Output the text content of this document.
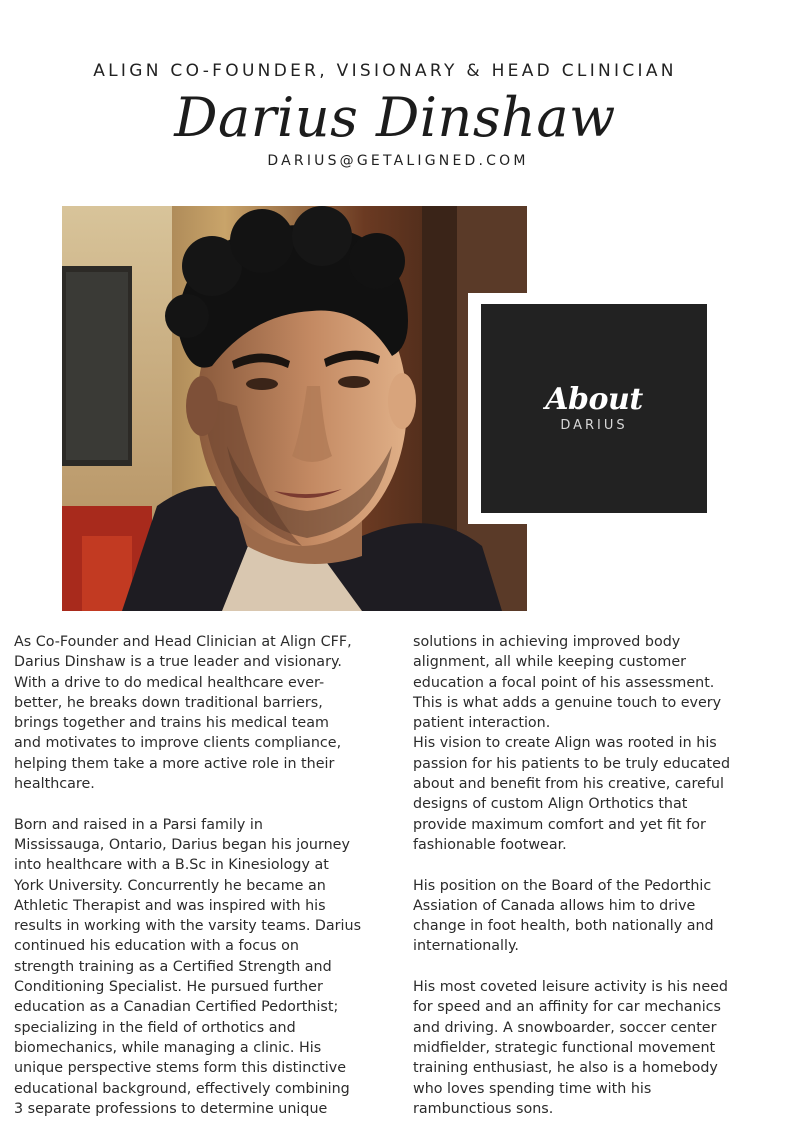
ALIGN CO-FOUNDER, VISIONARY & HEAD CLINICIAN
Darius Dinshaw
DARIUS@GETALIGNED.COM
About
DARIUS

As Co-Founder and Head Clinician at Align CFF,

Darius Dinshaw is a true leader and visionary.

With a drive to do medical healthcare ever-

better, he breaks down traditional barriers,

brings together and trains his medical team

and motivates to improve clients compliance,

helping them take a more active role in their

healthcare.

Born and raised in a Parsi family in

Mississauga, Ontario, Darius began his journey

into healthcare with a B.Sc in Kinesiology at

York University. Concurrently he became an

Athletic Therapist and was inspired with his

results in working with the varsity teams. Darius

continued his education with a focus on

strength training as a Certified Strength and

Conditioning Specialist. He pursued further

education as a Canadian Certified Pedorthist;

specializing in the field of orthotics and

biomechanics, while managing a clinic. His

unique perspective stems form this distinctive

educational background, effectively combining

3 separate professions to determine unique

solutions in achieving improved body

alignment, all while keeping customer

education a focal point of his assessment.

This is what adds a genuine touch to every

patient interaction.

His vision to create Align was rooted in his

passion for his patients to be truly educated

about and benefit from his creative, careful

designs of custom Align Orthotics that

provide maximum comfort and yet fit for

fashionable footwear.

His position on the Board of the Pedorthic

Assiation of Canada allows him to drive

change in foot health, both nationally and

internationally.

His most coveted leisure activity is his need

for speed and an affinity for car mechanics

and driving. A snowboarder, soccer center

midfielder, strategic functional movement

training enthusiast, he also is a homebody

who loves spending time with his

rambunctious sons.
